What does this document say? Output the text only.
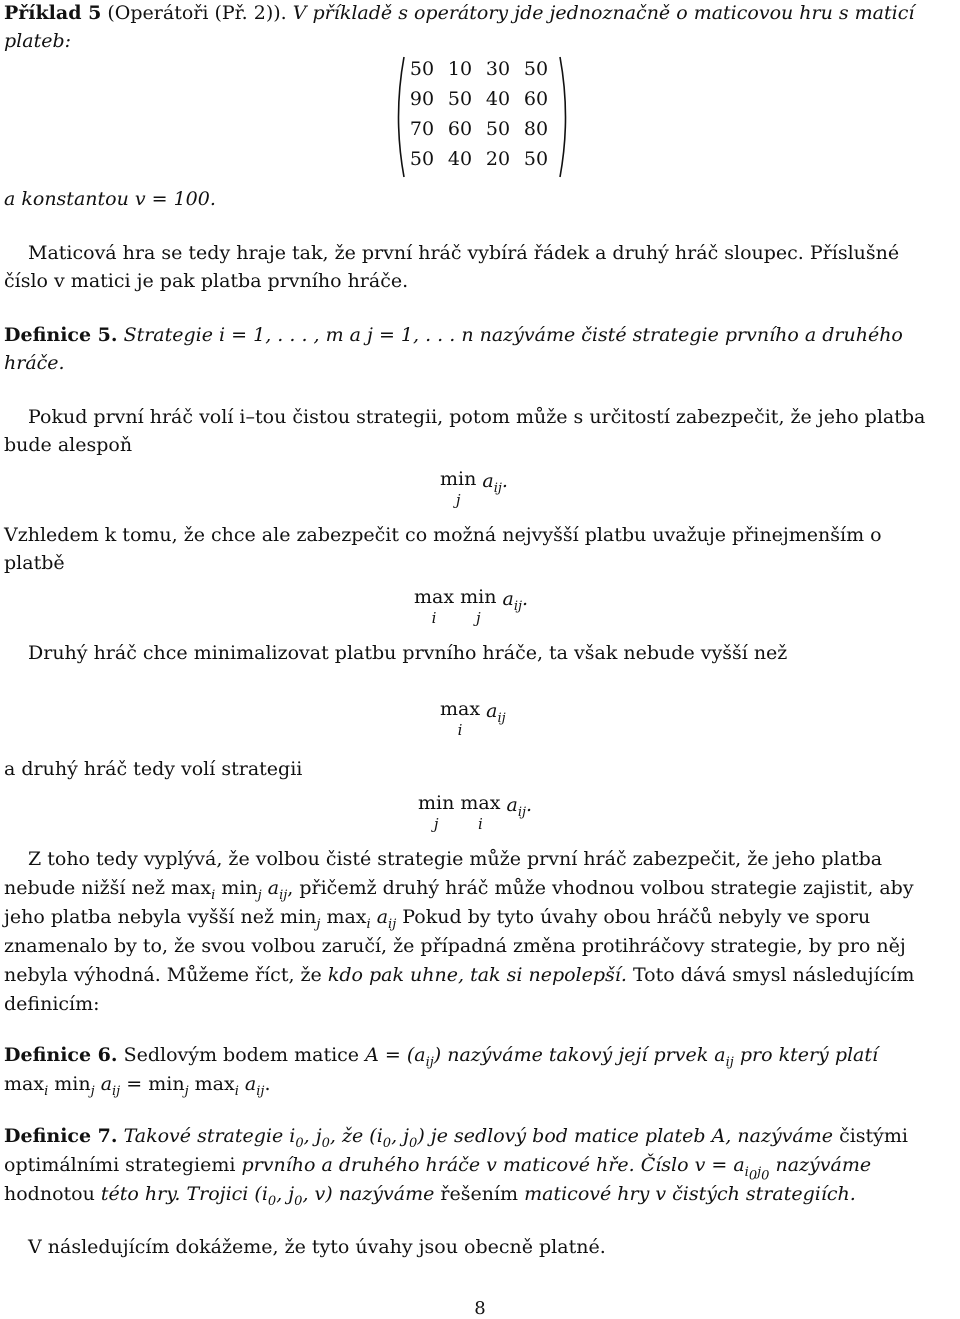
Příklad 5 (Operátoři (Př. 2)). V příkladě s operátory jde jednoznačně o maticovou hru s maticí
plateb:
50 10 30 50
90 50 40 60
70 60 50 80
50 40 20 50
a konstantou v = 100.
Maticová hra se tedy hraje tak, že první hráč vybírá řádek a druhý hráč sloupec. Příslušné
číslo v matici je pak platba prvního hráče.
Definice 5. Strategie i = 1, . . . , m a j = 1, . . . n nazýváme čisté strategie prvního a druhého
hráče.
Pokud první hráč volí i–tou čistou strategii, potom může s určitostí zabezpečit, že jeho platba
bude alespoň
min
j
$a_{ij}$.
Vzhledem k tomu, že chce ale zabezpečit co možná nejvyšší platbu uvažuje přinejmenším o
platbě
max
i

min
j
$a_{ij}$.
Druhý hráč chce minimalizovat platbu prvního hráče, ta však nebude vyšší než
max
i
$a_{ij}$
a druhý hráč tedy volí strategii
min
j

max
i
$a_{ij}$.
Z toho tedy vyplývá, že volbou čisté strategie může první hráč zabezpečit, že jeho platba
nebude nižší než $\max_i \min_j a_{ij}$, přičemž druhý hráč může vhodnou volbou strategie zajistit, aby
jeho platba nebyla vyšší než $\min_j \max_i a_{ij}$ Pokud by tyto úvahy obou hráčů nebyly ve sporu
znamenalo by to, že svou volbou zaručí, že případná změna protihráčovy strategie, by pro něj
nebyla výhodná. Můžeme říct, že kdo pak uhne, tak si nepolepší. Toto dává smysl následujícím
definicím:
Definice 6. Sedlovým bodem matice $A = (a_{ij})$ nazýváme takový její prvek $a_{ij}$ pro který platí
$\max_i \min_j a_{ij} = \min_j \max_i a_{ij}$.
Definice 7. Takové strategie $i_0$, $j_0$, že ($i_0$, $j_0$) je sedlový bod matice plateb A, nazýváme čistými
optimálními strategiemi prvního a druhého hráče v maticové hře. Číslo $v = a_{i_0j_0}$ nazýváme
hodnotou této hry. Trojici ($i_0$, $j_0$, v) nazýváme řešením maticové hry v čistých strategiích.
V následujícím dokážeme, že tyto úvahy jsou obecně platné.
8
